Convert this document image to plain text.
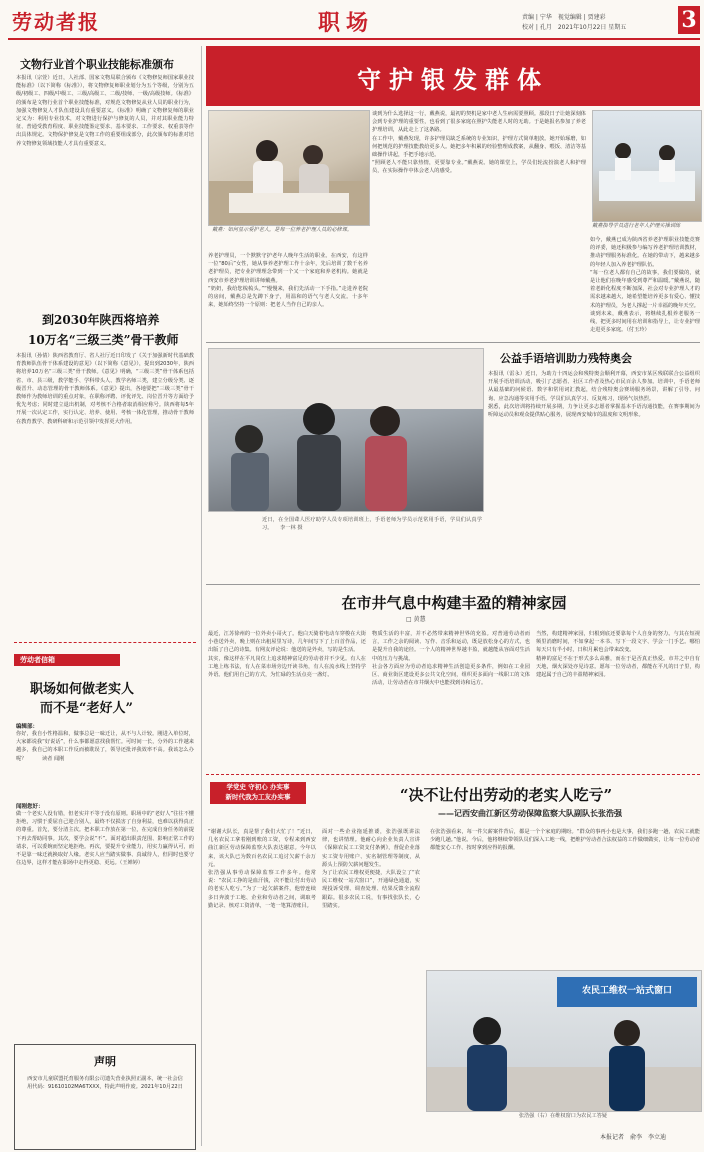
劳动者报	职场	责编 | 宁华　视觉编辑 | 贾建彩
校对 | 孔月　2021年10月22日 星期五	3
文物行业首个职业技能标准颁布
本报讯（宗萱）近日，人社部、国家文物局联合颁布《文物修复师国家职业技能标准》（以下简称《标准》），将文物修复师职业划分为五个等级，分别为五级/初级工、四级/中级工、三级/高级工、二级/技师、一级/高级技师。《标准》的颁布是文物行业首个职业技能标准，对规范文物修复从业人员的职业行为，加强文物修复人才队伍建设具有重要意义。《标准》明确了文物修复师的职业定义为：利用专业技术，对文物进行保护与修复的人员，并对其职业能力特征、普通受教育程度、职业技能鉴定要求、基本要求、工作要求、权重表等作出具体规定。文物保护修复是文物工作的重要组成部分，此次颁布的标准对培养文物修复领域技能人才具有重要意义。
到2030年陕西将培养
10万名“三级三类”骨干教师
本报讯（孙倩）陕西省教育厅、省人社厅近日印发了《关于加强新时代基础教育教师队伍骨干体系建设的意见》（以下简称《意见》），提出到2030年，陕西将培养10万名“三级三类”骨干教师。《意见》明确，“三级三类”骨干体系包括省、市、县三级，教学能手、学科带头人、教学名师三类，建立分级分类、逐级晋升、动态管理的骨干教师体系。《意见》提出，各地要把“三级三类”骨干教师作为教师培训的重点对象，在职称评聘、评优评先、岗位晋升等方面给予优先考虑；同时建立退出机制，对考核不合格者取消相应称号。陕西将每5年开展一次认定工作，实行认定、培养、使用、考核一体化管理，推动骨干教师在教育教学、教研科研和示范引领中发挥更大作用。
劳动者信箱
职场如何做老实人
而不是“老好人”
编辑部：
你好，我自小性格温和，做事总是一味迁让，从不与人计较。刚进入单位时，大家都说我“好说话”，什么事都愿意找我帮忙。可时间一长，分外的工作越来越多，我自己的本职工作反而被耽误了，领导还批评我效率不高。我该怎么办呢？　　　读者 闻刚
闻刚您好：
做一个老实人没有错，但老实并不等于没有原则。职场中的“老好人”往往不懂拒绝，习惯于委屈自己迎合别人，最终不仅损害了自身利益，也难以获得真正的尊重。首先，要分清主次。把本职工作放在第一位，在完成自身任务的前提下再去帮助同事。其次，要学会说“不”。面对超出职责范围、影响正常工作的请求，可以委婉而坚定地拒绝。再次，要提升专业能力，用实力赢得认可，而不是靠一味迁就换取好人缘。老实人应当踏实做事、真诚待人，但同时也要守住边界，这样才能在职场中走得更稳、更远。（王婵婷）
声明
西安市儿童联盟托育服务有限公司遗失营业执照正副本，统一社会信用代码：91610102MA6TXXX，特此声明作废。2021年10月22日
守护银发群体
戴燕：如何显示爱护老人，是每一位养老护理人员的必修课。
戴燕指导学员进行老年人护理实操训练
养老护理员，一个默默守护老年人晚年生活的职业。在西安，有这样一位“80后”女性，她从事养老护理工作十余年，先后培训了数千名养老护理员，把专业护理理念带到一个又一个家庭和养老机构。她就是西安市养老护理培训讲师戴燕。
“奶奶，我给您梳梳头。”“慢慢来，我们先活动一下手指。”走进养老院的房间，戴燕总是先蹲下身子，用温和的语气与老人交流。十多年来，她始终坚持一个原则：把老人当作自己的亲人。
谈到为什么选择这一行，戴燕说，最初的契机是家中老人生病需要照顾。那段日子让她深刻体会到专业护理的重要性，也看到了很多家庭在照护失能老人时的无助。于是她报名参加了养老护理培训，从此走上了这条路。
在工作中，戴燕发现，许多护理员缺乏系统的专业知识，护理方式简单粗放。她开始琢磨，如何把规范的护理技能教给更多人。她把多年积累的经验整理成教案，从翻身、喂饭、清洁等基础操作讲起，手把手地示范。
“照顾老人不能只靠热情，更要靠专业。”戴燕说。她的课堂上，学员们轮流扮演老人和护理员，在实际操作中体会老人的感受。
如今，戴燕已成为陕西省养老护理职业技能竞赛的评委，她还积极参与编写养老护理培训教材，推动护理服务标准化。在她的带动下，越来越多的年轻人加入养老护理队伍。
“每一位老人都有自己的故事，我们要做的，就是让他们在晚年感受到尊严和温暖。”戴燕说，随着老龄化程度不断加深，社会对专业护理人才的需求越来越大，她希望能培养更多有爱心、懂技术的护理员，为老人撑起一片幸福的晚年天空。
谈到未来，戴燕表示，将继续扎根养老服务一线，把更多时间用在培训和指导上，让专业护理走进更多家庭。（付玉玲）
公益手语培训助力残特奥会
本报讯（雷永）近日，为助力十四运会和残特奥会顺利开幕，西安市某区残联联合公益组织开展手语培训活动，吸引了志愿者、社区工作者及热心市民百余人参加。培训中，手语老师从最基础的问候语、数字和常用词汇教起，结合残特奥会赛场服务场景，讲解了引导、问询、应急沟通等实用手语。学员们认真学习、反复练习，现场气氛热烈。
据悉，此次培训将持续开展多期，力争让更多志愿者掌握基本手语沟通技能，在赛事期间为听障运动员和观众提供贴心服务，展现西安城市的温度和文明形象。
近日，在全国聋人医疗助学人员专项培训班上，手语老师为学员示范常用手语，学员们认真学习。　　李一林 摄
在市井气息中构建丰盈的精神家园
□ 黄慧
最近，江苏徐州的一位外卖小哥火了。他白天骑着电动车穿梭在大街小巷送外卖，晚上则在出租屋里写诗，几年间写下了上百首作品，还出版了自己的诗集。有网友评论说：他送的是外卖，写的是生活。
其实，像这样在平凡岗位上追求精神富足的劳动者并不少见。有人在工地上练书法，有人在菜市场旁边开读书角，有人在流水线上坚持学外语。他们用自己的方式，为忙碌的生活点亮一盏灯。
物质生活的丰富，并不必然带来精神世界的充盈。对普通劳动者而言，工作之余的阅读、写作、音乐和运动，既是放松身心的方式，也是提升自我的途径。一个人的精神世界越丰盈，就越能从容面对生活中的压力与挑战。
社会各方面应为劳动者追求精神生活创造更多条件，例如在工业园区、商业街区建设更多公共文化空间，组织更多面向一线职工的文体活动，让劳动者在市井烟火中也能找到诗和远方。
当然，构建精神家园，归根到底还要靠每个人自身的努力。与其在短视频里消磨时间，不如拿起一本书、写下一段文字、学会一门手艺。哪怕每天只有半小时，日积月累也会带来改变。
精神的富足不在于形式多么高雅，而在于是否真正热爱。市井之中自有天地，烟火深处亦见诗意。愿每一位劳动者，都能在平凡的日子里，构建起属于自己的丰盈精神家园。
学党史 守初心 办实事
新时代我为工友办实事	“决不让付出劳动的老实人吃亏”
——记西安曲江新区劳动保障监察大队副队长张浩强
“谢谢大队长，真是帮了我们大忙了！”近日，几名农民工拿着刚到账的工资，专程来到西安曲江新区劳动保障监察大队表达谢意。今年以来，该大队已为数百名农民工追讨欠薪千余万元。
张浩强从事劳动保障监察工作多年。他常说：“农民工挣的是血汗钱，决不能让付出劳动的老实人吃亏。”为了一起欠薪案件，他曾连续多日奔波于工地、企业和劳动者之间，调取考勤记录、核对工资清单，一笔一笔算清账目。
面对一些企业拖延推诿，张浩强既讲法律，也讲情理。他耐心向企业负责人宣讲《保障农民工工资支付条例》，督促企业落实工资专用账户、实名制管理等制度，从源头上预防欠薪问题发生。
为了让农民工维权更便捷，大队设立了“农民工维权一站式窗口”，开通绿色通道，实现投诉受理、调查处理、结果反馈全流程跟踪。很多农民工说，有事找张队长，心里踏实。
农民工维权一站式窗口
张浩强（右）在维权窗口为农民工答疑
在张浩强看来，每一件欠薪案件背后，都是一个个家庭的期盼。“群众的事再小也是大事，我们多跑一趟，农民工就能少跑几趟。”他说。今后，他将继续带领队员们深入工地一线，把维护劳动者合法权益的工作做细做实，让每一位劳动者都能安心工作、按时拿到应得的报酬。
本报记者　俞李　李立迪
